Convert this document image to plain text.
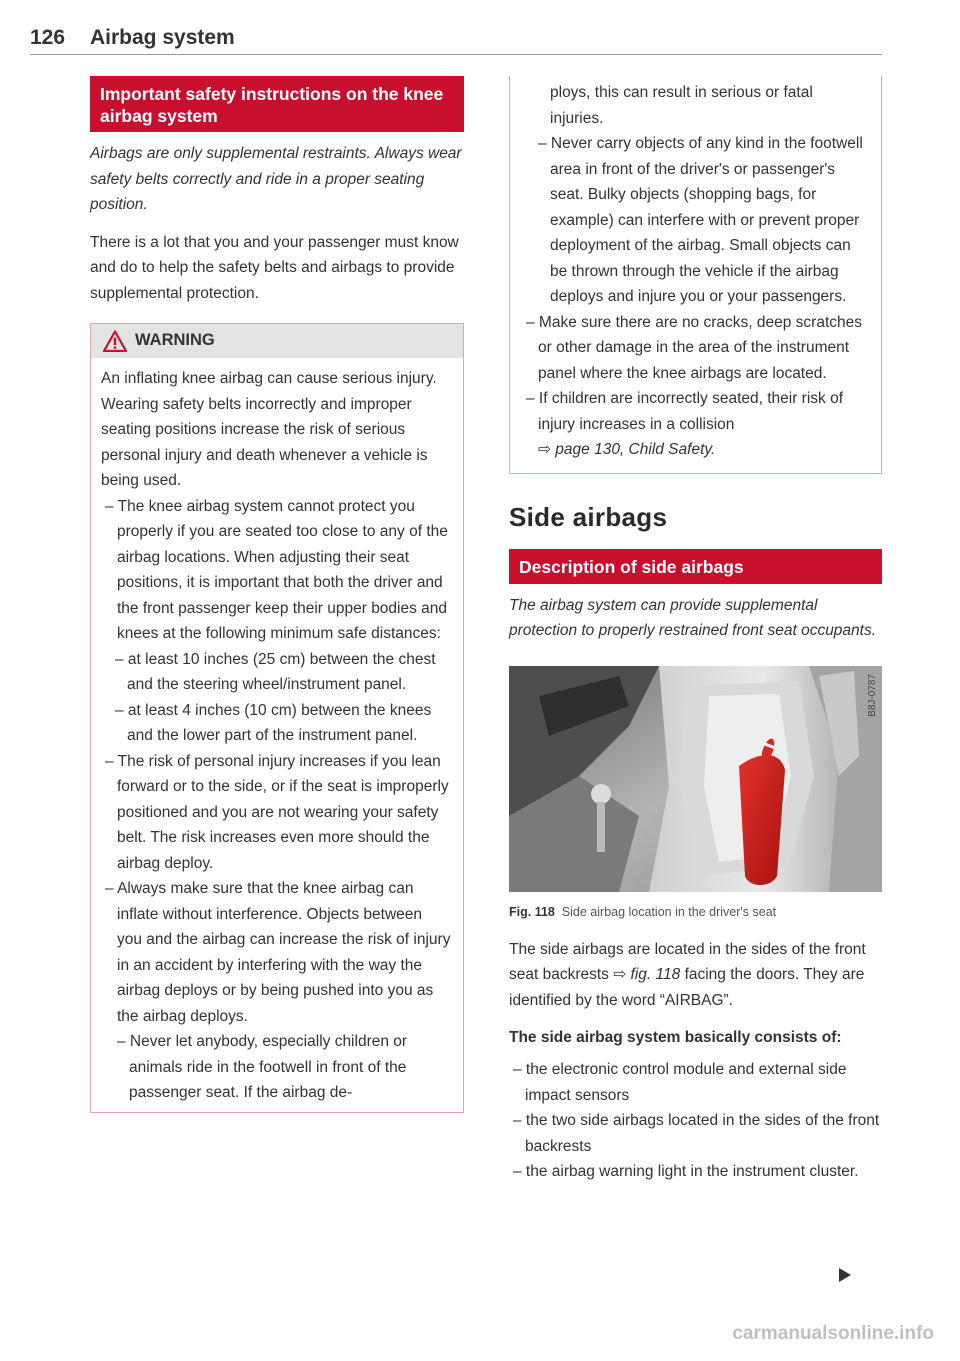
126 Airbag system
Important safety instructions on the knee airbag system

Airbags are only supplemental restraints. Always wear safety belts correctly and ride in a proper seating position.

There is a lot that you and your passenger must know and do to help the safety belts and airbags to provide supplemental protection.

WARNING

An inflating knee airbag can cause serious injury. Wearing safety belts incorrectly and improper seating positions increase the risk of serious personal injury and death whenever a vehicle is being used.

– The knee airbag system cannot protect you properly if you are seated too close to any of the airbag locations. When adjusting their seat positions, it is important that both the driver and the front passenger keep their upper bodies and knees at the following minimum safe distances:

– at least 10 inches (25 cm) between the chest and the steering wheel/instrument panel.

– at least 4 inches (10 cm) between the knees and the lower part of the instrument panel.

– The risk of personal injury increases if you lean forward or to the side, or if the seat is improperly positioned and you are not wearing your safety belt. The risk increases even more should the airbag deploy.

– Always make sure that the knee airbag can inflate without interference. Objects between you and the airbag can increase the risk of injury in an accident by interfering with the way the airbag deploys or by being pushed into you as the airbag deploys.

– Never let anybody, especially children or animals ride in the footwell in front of the passenger seat. If the airbag de-

ploys, this can result in serious or fatal injuries.

– Never carry objects of any kind in the footwell area in front of the driver's or passenger's seat. Bulky objects (shopping bags, for example) can interfere with or prevent proper deployment of the airbag. Small objects can be thrown through the vehicle if the airbag deploys and injure you or your passengers.

– Make sure there are no cracks, deep scratches or other damage in the area of the instrument panel where the knee airbags are located.

– If children are incorrectly seated, their risk of injury increases in a collision
⇨ page 130, Child Safety.

Side airbags
Description of side airbags

The airbag system can provide supplemental protection to properly restrained front seat occupants.

B8J-0787

Fig. 118 Side airbag location in the driver's seat

The side airbags are located in the sides of the front seat backrests ⇨ fig. 118 facing the doors. They are identified by the word “AIRBAG”.

The side airbag system basically consists of:

– the electronic control module and external side impact sensors

– the two side airbags located in the sides of the front backrests

– the airbag warning light in the instrument cluster.

carmanualsonline.info
